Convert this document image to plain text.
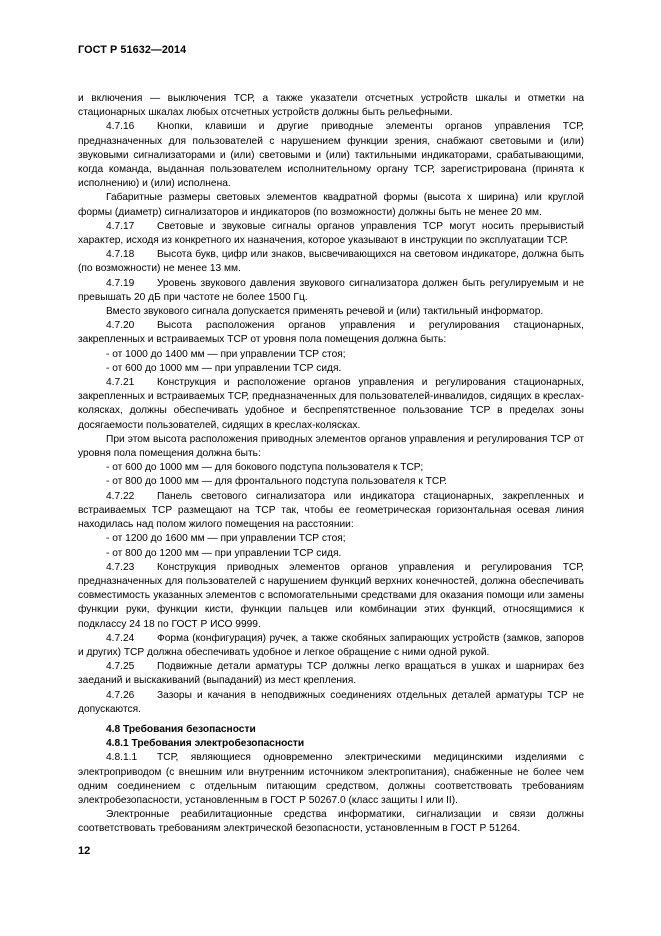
ГОСТ Р 51632—2014

и включения — выключения ТСР, а также указатели отсчетных устройств шкалы и отметки на стационарных шкалах любых отсчетных устройств должны быть рельефными.

4.7.16 Кнопки, клавиши и другие приводные элементы органов управления ТСР, предназначенных для пользователей с нарушением функции зрения, снабжают световыми и (или) звуковыми сигнализаторами и (или) световыми и (или) тактильными индикаторами, срабатывающими, когда команда, выданная пользователем исполнительному органу ТСР, зарегистрирована (принята к исполнению) и (или) исполнена.

Габаритные размеры световых элементов квадратной формы (высота х ширина) или круглой формы (диаметр) сигнализаторов и индикаторов (по возможности) должны быть не менее 20 мм.

4.7.17 Световые и звуковые сигналы органов управления ТСР могут носить прерывистый характер, исходя из конкретного их назначения, которое указывают в инструкции по эксплуатации ТСР.

4.7.18 Высота букв, цифр или знаков, высвечивающихся на световом индикаторе, должна быть (по возможности) не менее 13 мм.

4.7.19 Уровень звукового давления звукового сигнализатора должен быть регулируемым и не превышать 20 дБ при частоте не более 1500 Гц.

Вместо звукового сигнала допускается применять речевой и (или) тактильный информатор.

4.7.20 Высота расположения органов управления и регулирования стационарных, закрепленных и встраиваемых ТСР от уровня пола помещения должна быть:

- от 1000 до 1400 мм — при управлении ТСР стоя;

- от 600 до 1000 мм — при управлении ТСР сидя.

4.7.21 Конструкция и расположение органов управления и регулирования стационарных, закрепленных и встраиваемых ТСР, предназначенных для пользователей-инвалидов, сидящих в креслах-колясках, должны обеспечивать удобное и беспрепятственное пользование ТСР в пределах зоны досягаемости пользователей, сидящих в креслах-колясках.

При этом высота расположения приводных элементов органов управления и регулирования ТСР от уровня пола помещения должна быть:

- от 600 до 1000 мм — для бокового подступа пользователя к ТСР;

- от 800 до 1000 мм — для фронтального подступа пользователя к ТСР.

4.7.22 Панель светового сигнализатора или индикатора стационарных, закрепленных и встраиваемых ТСР размещают на ТСР так, чтобы ее геометрическая горизонтальная осевая линия находилась над полом жилого помещения на расстоянии:

- от 1200 до 1600 мм — при управлении ТСР стоя;

- от 800 до 1200 мм — при управлении ТСР сидя.

4.7.23 Конструкция приводных элементов органов управления и регулирования ТСР, предназначенных для пользователей с нарушением функций верхних конечностей, должна обеспечивать совместимость указанных элементов с вспомогательными средствами для оказания помощи или замены функции руки, функции кисти, функции пальцев или комбинации этих функций, относящимися к подклассу 24 18 по ГОСТ Р ИСО 9999.

4.7.24 Форма (конфигурация) ручек, а также скобяных запирающих устройств (замков, запоров и других) ТСР должна обеспечивать удобное и легкое обращение с ними одной рукой.

4.7.25 Подвижные детали арматуры ТСР должны легко вращаться в ушках и шарнирах без заеданий и выскакиваний (выпаданий) из мест крепления.

4.7.26 Зазоры и качания в неподвижных соединениях отдельных деталей арматуры ТСР не допускаются.

4.8 Требования безопасности

4.8.1 Требования электробезопасности

4.8.1.1 ТСР, являющиеся одновременно электрическими медицинскими изделиями с электроприводом (с внешним или внутренним источником электропитания), снабженные не более чем одним соединением с отдельным питающим средством, должны соответствовать требованиям электробезопасности, установленным в ГОСТ Р 50267.0 (класс защиты I или II).

Электронные реабилитационные средства информатики, сигнализации и связи должны соответствовать требованиям электрической безопасности, установленным в ГОСТ Р 51264.

12
